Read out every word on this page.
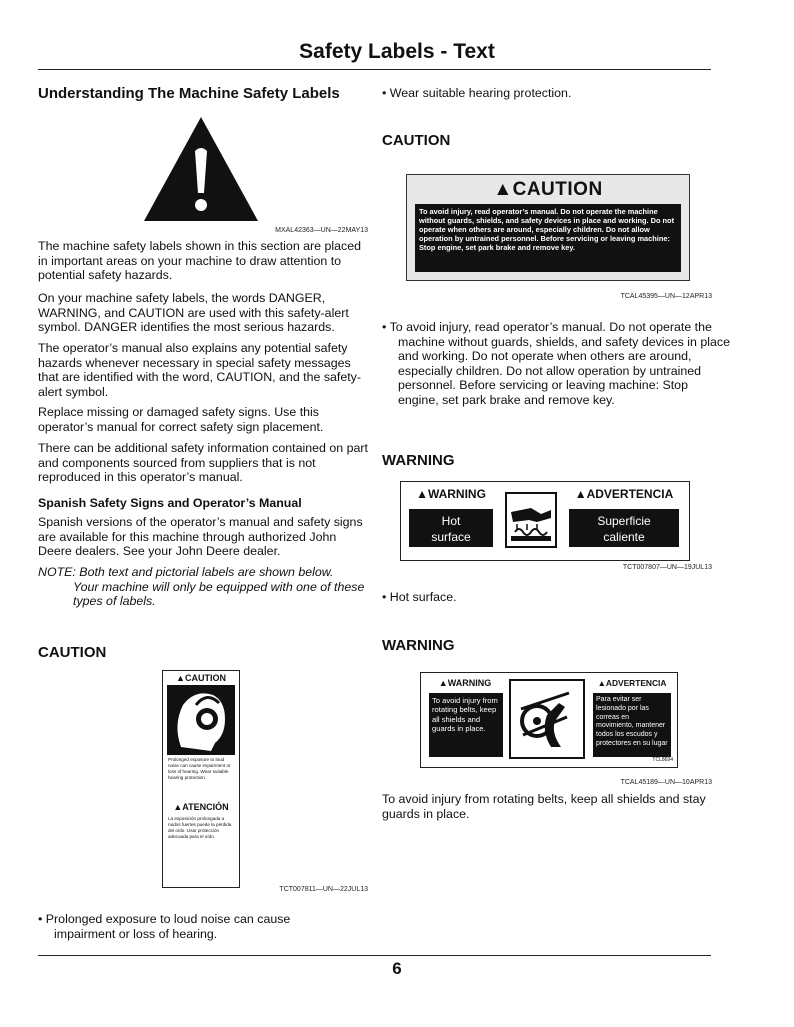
Safety Labels - Text
Understanding The Machine Safety Labels
MXAL42363—UN—22MAY13
The machine safety labels shown in this section are placed in important areas on your machine to draw attention to potential safety hazards.
On your machine safety labels, the words DANGER, WARNING, and CAUTION are used with this safety-alert symbol. DANGER identifies the most serious hazards.
The operator’s manual also explains any potential safety hazards whenever necessary in special safety messages that are identified with the word, CAUTION, and the safety-alert symbol.
Replace missing or damaged safety signs. Use this operator’s manual for correct safety sign placement.
There can be additional safety information contained on part and components sourced from suppliers that is not reproduced in this operator’s manual.
Spanish Safety Signs and Operator’s Manual
Spanish versions of the operator’s manual and safety signs are available for this machine through authorized John Deere dealers. See your John Deere dealer.
NOTE: Both text and pictorial labels are shown below.
Your machine will only be equipped with one of these types of labels.
CAUTION
▲CAUTION
Prolonged exposure to loud noise can cause impairment or loss of hearing. Wear suitable hearing protection.
▲ATENCIÓN
La exposición prolongada a ruidos fuertes puede la pérdida del oído. Usar protección adecuada para el oído.
TCT007811—UN—22JUL13
• Prolonged exposure to loud noise can cause impairment or loss of hearing.
• Wear suitable hearing protection.
CAUTION
▲CAUTION
To avoid injury, read operator’s manual. Do not operate the machine without guards, shields, and safety devices in place and working. Do not operate when others are around, especially children. Do not allow operation by untrained personnel. Before servicing or leaving machine: Stop engine, set park brake and remove key.
TCAL45395—UN—12APR13
• To avoid injury, read operator’s manual. Do not operate the machine without guards, shields, and safety devices in place and working. Do not operate when others are around, especially children. Do not allow operation by untrained personnel. Before servicing or leaving machine: Stop engine, set park brake and remove key.
WARNING
▲WARNING
Hot
surface
▲ADVERTENCIA
Superficie
caliente
TCT007807—UN—19JUL13
• Hot surface.
WARNING
▲WARNING
To avoid injury from rotating belts, keep all shields and guards in place.
▲ADVERTENCIA
Para evitar ser lesionado por las correas en movimiento, mantener todos los escudos y protectores en su lugar
TCL8694
TCAL45189—UN—10APR13
To avoid injury from rotating belts, keep all shields and stay guards in place.
6
